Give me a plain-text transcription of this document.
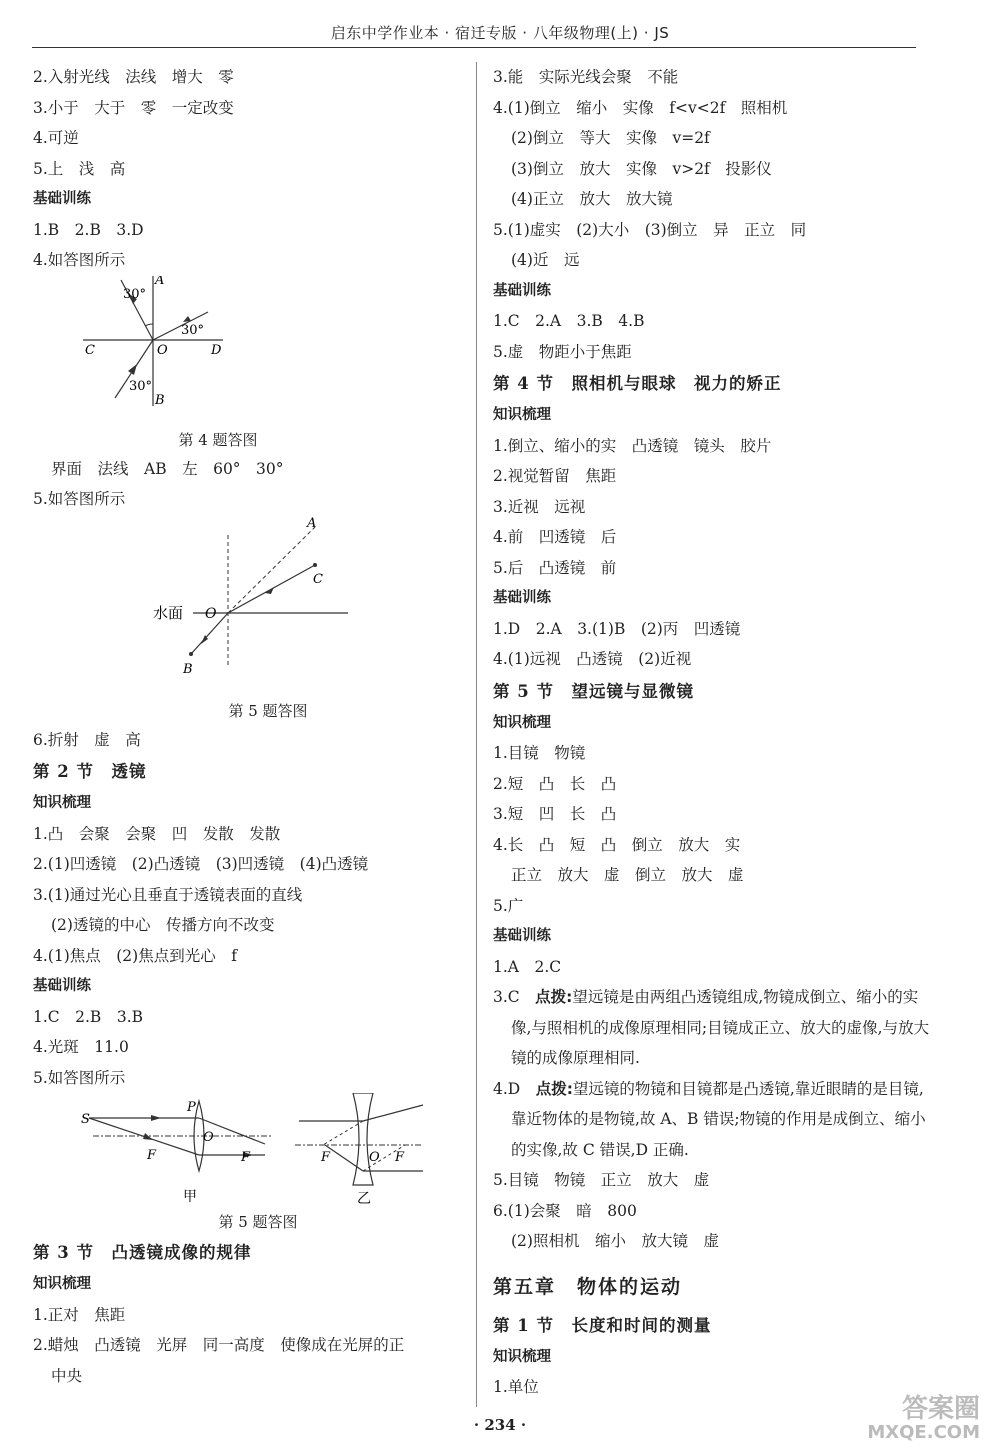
启东中学作业本 · 宿迁专版 · 八年级物理(上) · JS
2.入射光线　法线　增大　零
3.小于　大于　零　一定改变
4.可逆
5.上　浅　高
基础训练
1.B　2.B　3.D
4.如答图所示
A
30°
30°
C	O	D
30°
B
第 4 题答图
界面　法线　AB　左　60°　30°
5.如答图所示
A
C
水面 O
B
第 5 题答图
6.折射　虚　高
第 2 节　透镜
知识梳理
1.凸　会聚　会聚　凹　发散　发散
2.(1)凹透镜　(2)凸透镜　(3)凹透镜　(4)凸透镜
3.(1)通过光心且垂直于透镜表面的直线
(2)透镜的中心　传播方向不改变
4.(1)焦点　(2)焦点到光心　f
基础训练
1.C　2.B　3.B
4.光斑　11.0
5.如答图所示
S
P
O
F	F
甲
F	O F
乙
第 5 题答图
第 3 节　凸透镜成像的规律
知识梳理
1.正对　焦距
2.蜡烛　凸透镜　光屏　同一高度　使像成在光屏的正
中央
3.能　实际光线会聚　不能
4.(1)倒立　缩小　实像　f<v<2f　照相机
(2)倒立　等大　实像　v=2f
(3)倒立　放大　实像　v>2f　投影仪
(4)正立　放大　放大镜
5.(1)虚实　(2)大小　(3)倒立　异　正立　同
(4)近　远
基础训练
1.C　2.A　3.B　4.B
5.虚　物距小于焦距
第 4 节　照相机与眼球　视力的矫正
知识梳理
1.倒立、缩小的实　凸透镜　镜头　胶片
2.视觉暂留　焦距
3.近视　远视
4.前　凹透镜　后
5.后　凸透镜　前
基础训练
1.D　2.A　3.(1)B　(2)丙　凹透镜
4.(1)远视　凸透镜　(2)近视
第 5 节　望远镜与显微镜
知识梳理
1.目镜　物镜
2.短　凸　长　凸
3.短　凹　长　凸
4.长　凸　短　凸　倒立　放大　实
正立　放大　虚　倒立　放大　虚
5.广
基础训练
1.A　2.C
3.C　点拨:望远镜是由两组凸透镜组成,物镜成倒立、缩小的实像,与照相机的成像原理相同;目镜成正立、放大的虚像,与放大镜的成像原理相同.
4.D　点拨:望远镜的物镜和目镜都是凸透镜,靠近眼睛的是目镜,靠近物体的是物镜,故 A、B 错误;物镜的作用是成倒立、缩小的实像,故 C 错误,D 正确.
5.目镜　物镜　正立　放大　虚
6.(1)会聚　暗　800
(2)照相机　缩小　放大镜　虚
第五章　物体的运动
第 1 节　长度和时间的测量
知识梳理
1.单位
· 234 ·
答案圈
MXQE.COM
